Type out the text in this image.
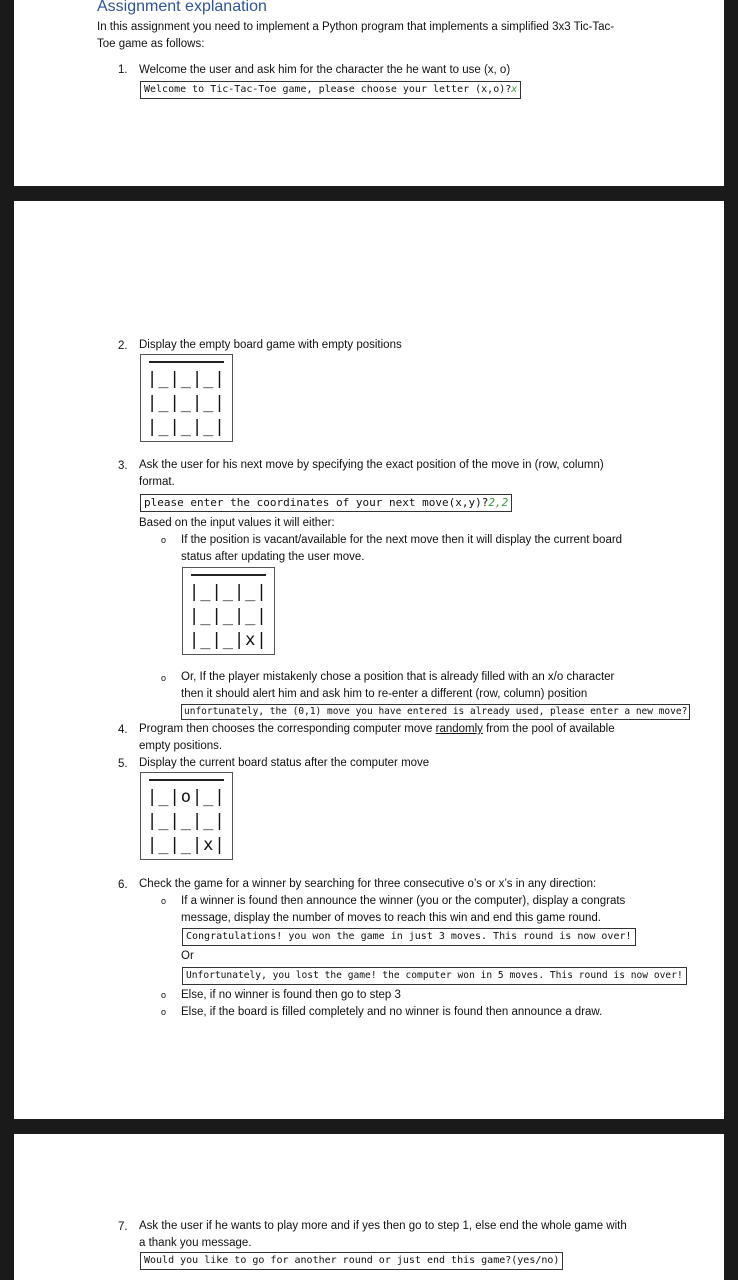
Assignment explanation
In this assignment you need to implement a Python program that implements a simplified 3x3 Tic-Tac-
Toe game as follows:
1. Welcome the user and ask him for the character the he want to use (x, o)
Welcome to Tic-Tac-Toe game, please choose your letter (x,o)?x
2. Display the empty board game with empty positions
|_|_|_|
|_|_|_|
|_|_|_|
3. Ask the user for his next move by specifying the exact position of the move in (row, column)
format.
please enter the coordinates of your next move(x,y)?2,2
Based on the input values it will either:
o If the position is vacant/available for the next move then it will display the current board
status after updating the user move.
|_|_|_|
|_|_|_|
|_|_|x|
o Or, If the player mistakenly chose a position that is already filled with an x/o character
then it should alert him and ask him to re-enter a different (row, column) position
unfortunately, the (0,1) move you have entered is already used, please enter a new move?
4. Program then chooses the corresponding computer move randomly from the pool of available
empty positions.
5. Display the current board status after the computer move
|_|o|_|
|_|_|_|
|_|_|x|
6. Check the game for a winner by searching for three consecutive o’s or x’s in any direction:
o If a winner is found then announce the winner (you or the computer), display a congrats
message, display the number of moves to reach this win and end this game round.
Congratulations! you won the game in just 3 moves. This round is now over!
Or
Unfortunately, you lost the game! the computer won in 5 moves. This round is now over!
o Else, if no winner is found then go to step 3
o Else, if the board is filled completely and no winner is found then announce a draw.
7. Ask the user if he wants to play more and if yes then go to step 1, else end the whole game with
a thank you message.
Would you like to go for another round or just end this game?(yes/no)
